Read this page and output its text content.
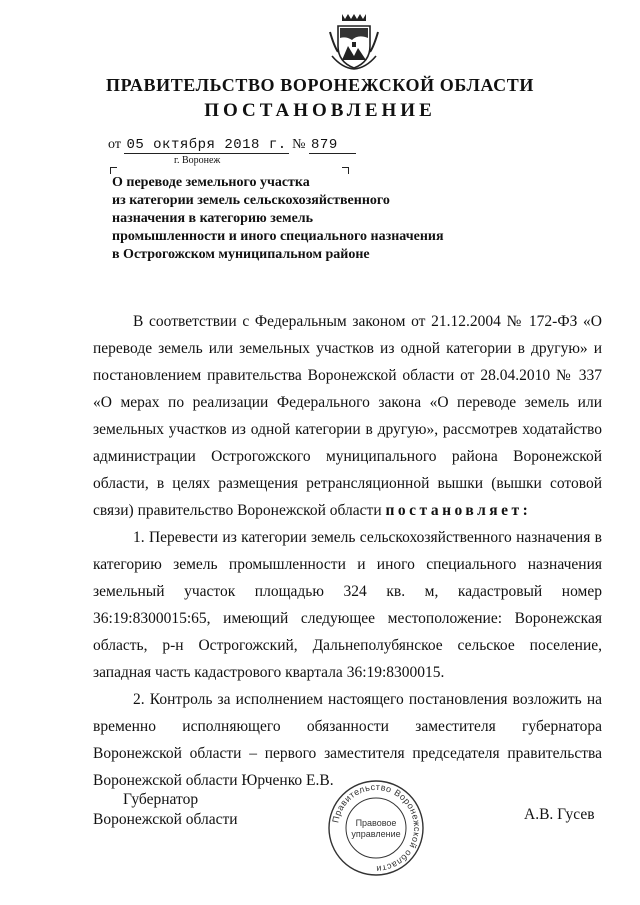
ПРАВИТЕЛЬСТВО ВОРОНЕЖСКОЙ ОБЛАСТИ
ПОСТАНОВЛЕНИЕ
от 05 октября 2018 г. № 879
г. Воронеж
О переводе земельного участка
из категории земель сельскохозяйственного
назначения в категорию земель
промышленности и иного специального назначения
в Острогожском муниципальном районе

В соответствии с Федеральным законом от 21.12.2004 № 172-ФЗ «О переводе земель или земельных участков из одной категории в другую» и постановлением правительства Воронежской области от 28.04.2010 № 337 «О мерах по реализации Федерального закона «О переводе земель или земельных участков из одной категории в другую», рассмотрев ходатайство администрации Острогожского муниципального района Воронежской области, в целях размещения ретрансляционной вышки (вышки сотовой связи) правительство Воронежской области постановляет:

1. Перевести из категории земель сельскохозяйственного назначения в категорию земель промышленности и иного специального назначения земельный участок площадью 324 кв. м, кадастровый номер 36:19:8300015:65, имеющий следующее местоположение: Воронежская область, р-н Острогожский, Дальнеполубянское сельское поселение, западная часть кадастрового квартала 36:19:8300015.

2. Контроль за исполнением настоящего постановления возложить на временно исполняющего обязанности заместителя губернатора Воронежской области – первого заместителя председателя правительства Воронежской области Юрченко Е.В.

Губернатор
Воронежской области	Правительство Воронежской области
Правовое
управление
А.В. Гусев
